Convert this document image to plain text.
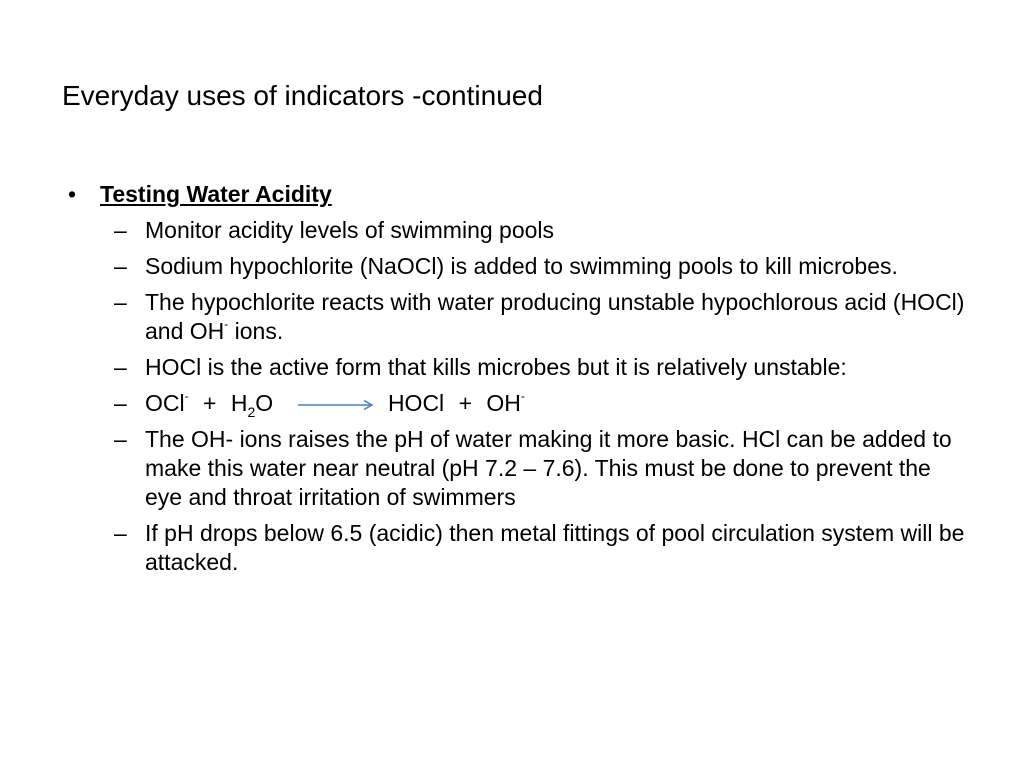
Everyday uses of indicators -continued
• Testing Water Acidity
– Monitor acidity levels of swimming pools
– Sodium hypochlorite (NaOCl) is added to swimming pools to kill microbes.
– The hypochlorite reacts with water producing unstable hypochlorous acid (HOCl) and OH- ions.
– HOCl is the active form that kills microbes but it is relatively unstable:
– $OCl^- + H_2O$ → HOCl + OH-
– The OH- ions raises the pH of water making it more basic. HCl can be added to make this water near neutral (pH 7.2 – 7.6). This must be done to prevent the eye and throat irritation of swimmers
– If pH drops below 6.5 (acidic) then metal fittings of pool circulation system will be attacked.
